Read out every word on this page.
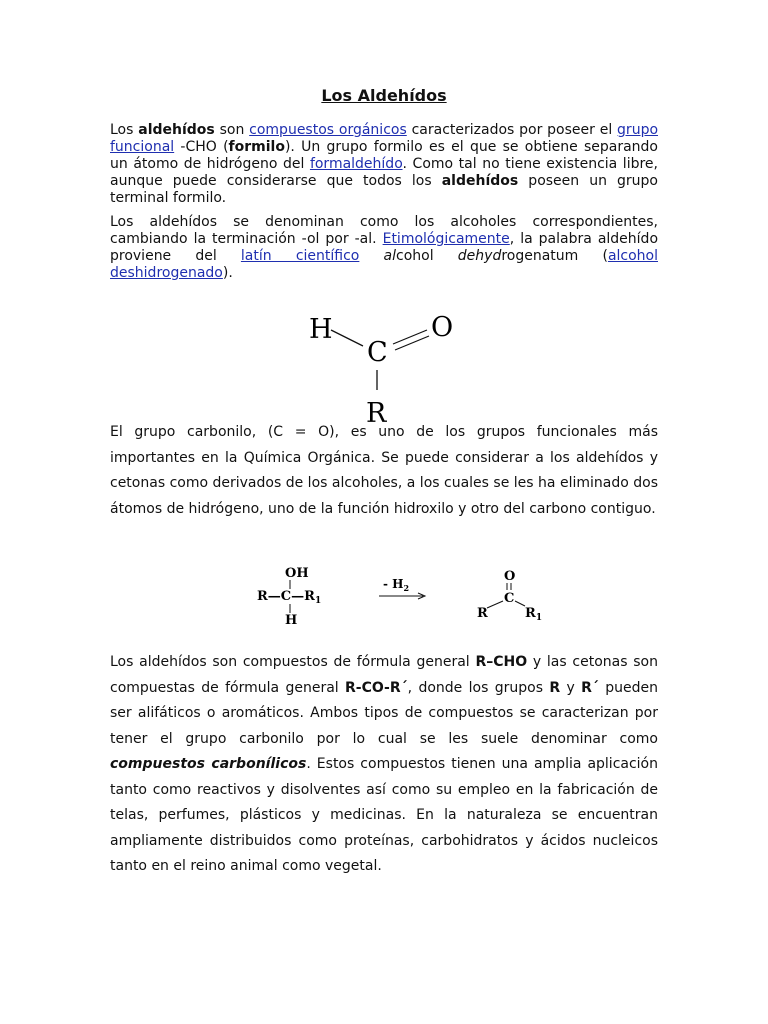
Los Aldehídos
Los aldehídos son compuestos orgánicos caracterizados por poseer el grupo funcional -CHO (formilo). Un grupo formilo es el que se obtiene separando un átomo de hidrógeno del formaldehído. Como tal no tiene existencia libre, aunque puede considerarse que todos los aldehídos poseen un grupo terminal formilo.
Los aldehídos se denominan como los alcoholes correspondientes, cambiando la terminación -ol por -al. Etimológicamente, la palabra aldehído proviene del latín científico alcohol dehydrogenatum (alcohol deshidrogenado).
H
C
O
R
El grupo carbonilo, (C = O), es uno de los grupos funcionales más importantes en la Química Orgánica. Se puede considerar a los aldehídos y cetonas como derivados de los alcoholes, a los cuales se les ha eliminado dos átomos de hidrógeno, uno de la función hidroxilo y otro del carbono contiguo.
OH
$R—C—R_1$
H
- $H_2$
O
C
R	$R_1$
Los aldehídos son compuestos de fórmula general R–CHO y las cetonas son compuestas de fórmula general R-CO-R´, donde los grupos R y R´ pueden ser alifáticos o aromáticos. Ambos tipos de compuestos se caracterizan por tener el grupo carbonilo por lo cual se les suele denominar como compuestos carbonílicos. Estos compuestos tienen una amplia aplicación tanto como reactivos y disolventes así como su empleo en la fabricación de telas, perfumes, plásticos y medicinas. En la naturaleza se encuentran ampliamente distribuidos como proteínas, carbohidratos y ácidos nucleicos tanto en el reino animal como vegetal.
